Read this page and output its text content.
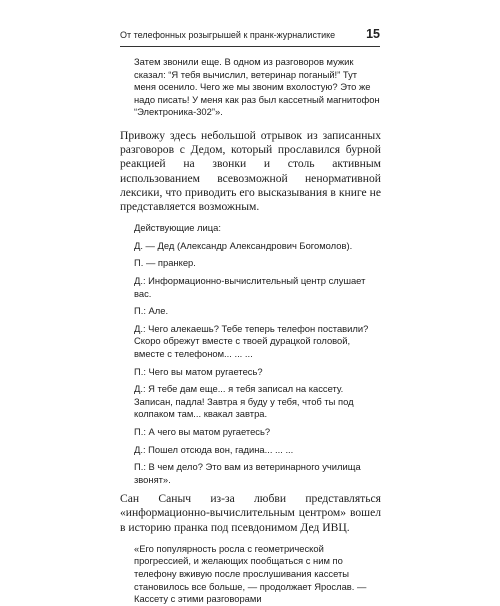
От телефонных розыгрышей к пранк-журналистике 15

Затем звонили еще. В одном из разговоров мужик сказал: “Я тебя вычислил, ветеринар поганый!” Тут меня осенило. Чего же мы звоним вхолостую? Это же надо писать! У меня как раз был кассетный магнитофон “Электроника-302”».

Привожу здесь небольшой отрывок из записанных разговоров с Дедом, который прославился бурной реакцией на звонки и столь активным использованием всевозможной ненормативной лексики, что приводить его высказывания в книге не представляется возможным.

Действующие лица:

Д. — Дед (Александр Александрович Богомолов).

П. — пранкер.

Д.: Информационно-вычислительный центр слушает вас.

П.: Але.

Д.: Чего алекаешь? Тебе теперь телефон поставили? Скоро обрежут вместе с твоей дурацкой головой, вместе с телефоном... ... ...

П.: Чего вы матом ругаетесь?

Д.: Я тебе дам еще... я тебя записал на кассету. Записан, падла! Завтра я буду у тебя, чтоб ты под колпаком там... квакал завтра.

П.: А чего вы матом ругаетесь?

Д.: Пошел отсюда вон, гадина... ... ...

П.: В чем дело? Это вам из ветеринарного училища звонят».

Сан Саныч из-за любви представляться «информационно-вычислительным центром» вошел в историю пранка под псевдонимом Дед ИВЦ.

«Его популярность росла с геометрической прогрессией, и желающих пообщаться с ним по телефону вживую после прослушивания кассеты становилось все больше, — продолжает Ярослав. — Кассету с этими разговорами
